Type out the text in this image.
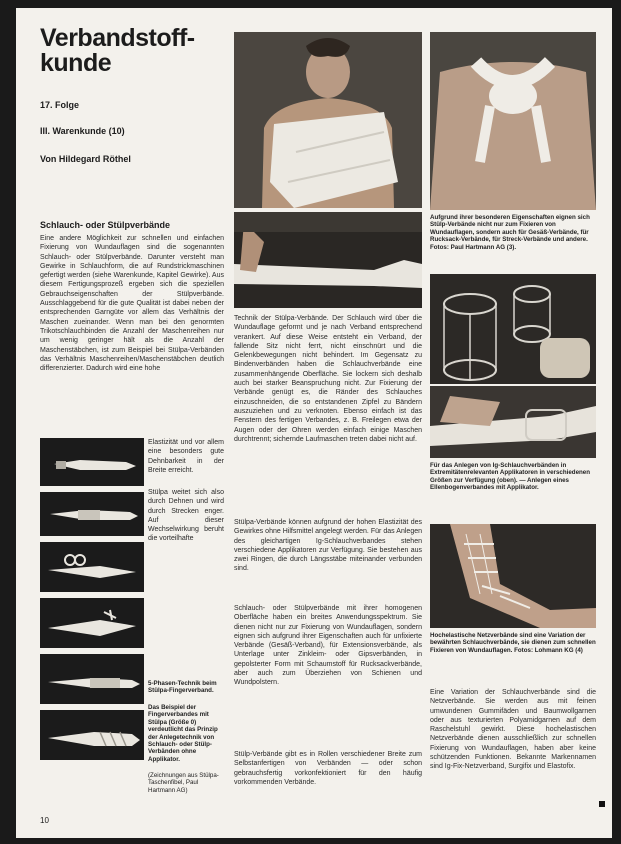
Verbandstoff-
kunde
17. Folge
III. Warenkunde (10)
Von Hildegard Röthel
Schlauch- oder Stülpverbände
Eine andere Möglichkeit zur schnellen und einfachen Fixierung von Wundauflagen sind die sogenannten Schlauch- oder Stülpverbände. Darunter versteht man Gewirke in Schlauchform, die auf Rundstrickmaschinen gefertigt werden (siehe Warenkunde, Kapitel Gewirke). Aus diesem Fertigungsprozeß ergeben sich die speziellen Gebrauchseigenschaften der Stülpverbände. Ausschlaggebend für die gute Qualität ist dabei neben der entsprechenden Garngüte vor allem das Verhältnis der Maschen zueinander. Wenn man bei den genormten Trikotschlauchbinden die Anzahl der Maschenreihen nur um wenig geringer hält als die Anzahl der Maschenstäbchen, ist zum Beispiel bei Stülpa-Verbänden das Verhältnis Maschenreihen/Maschenstäbchen deutlich differenzierter. Dadurch wird eine hohe
Elastizität und vor allem eine besonders gute Dehnbarkeit in der Breite erreicht.
Stülpa weitet sich also durch Dehnen und wird durch Strecken enger. Auf dieser Wechselwirkung beruht die vorteilhafte
5-Phasen-Technik beim Stülpa-Fingerverband.
Das Beispiel der Fingerverbandes mit Stülpa (Größe 0) verdeutlicht das Prinzip der Anlegetechnik von Schlauch- oder Stülp-Verbänden ohne Applikator.
(Zeichnungen aus Stülpa-Taschenfibel, Paul Hartmann AG)
Technik der Stülpa-Verbände. Der Schlauch wird über die Wundauflage geformt und je nach Verband entsprechend verankert. Auf diese Weise entsteht ein Verband, der fallende Sitz nicht ferrt, nicht einschnürt und die Gelenkbewegungen nicht behindert. Im Gegensatz zu Bindenverbänden haben die Schlauchverbände eine zusammenhängende Oberfläche. Sie lockern sich deshalb auch bei starker Beanspruchung nicht. Zur Fixierung der Verbände genügt es, die Ränder des Schlauches einzuschneiden, die so entstandenen Zipfel zu Bändern auszuziehen und zu verknoten. Ebenso einfach ist das Fenstern des fertigen Verbandes, z. B. Freilegen etwa der Augen oder der Ohren werden einfach einige Maschen durchtrennt; sichernde Laufmaschen treten dabei nicht auf.
Stülpa-Verbände können aufgrund der hohen Elastizität des Gewirkes ohne Hilfsmittel angelegt werden. Für das Anlegen des gleichartigen Ig-Schlauchverbandes stehen verschiedene Applikatoren zur Verfügung. Sie bestehen aus zwei Ringen, die durch Längsstäbe miteinander verbunden sind.
Schlauch- oder Stülpverbände mit ihrer homogenen Oberfläche haben ein breites Anwendungsspektrum. Sie dienen nicht nur zur Fixierung von Wundauflagen, sondern eignen sich aufgrund ihrer Eigenschaften auch für unfixierte Verbände (Gesäß-Verband), für Extensionsverbände, als Unterlage unter Zinkleim- oder Gipsverbänden, in gepolsterter Form mit Schaumstoff für Rucksackverbände, aber auch zum Überziehen von Schienen und Wundpolstern.
Stülp-Verbände gibt es in Rollen verschiedener Breite zum Selbstanfertigen von Verbänden — oder schon gebrauchsfertig vorkonfektioniert für den häufig vorkommenden Verbände.
Aufgrund ihrer besonderen Eigenschaften eignen sich Stülp-Verbände nicht nur zum Fixieren von Wundauflagen, sondern auch für Gesäß-Verbände, für Rucksack-Verbände, für Streck-Verbände und andere. Fotos: Paul Hartmann AG (3).
Für das Anlegen von Ig-Schlauchverbänden in Extremitätenrelevanten Applikatoren in verschiedenen Größen zur Verfügung (oben). — Anlegen eines Ellenbogenverbandes mit Applikator.
Hochelastische Netzverbände sind eine Variation der bewährten Schlauchverbände, sie dienen zum schnellen Fixieren von Wundauflagen. Fotos: Lohmann KG (4)
Eine Variation der Schlauchverbände sind die Netzverbände. Sie werden aus mit feinen umwundenen Gummifäden und Baumwollgarnen oder aus texturierten Polyamidgarnen auf dem Raschelstuhl gewirkt. Diese hochelastischen Netzverbände dienen ausschließlich zur schnellen Fixierung von Wundauflagen, haben aber keine schützenden Funktionen. Bekannte Markennamen sind Ig-Fix-Netzverband, Surgifix und Elastofix.
10
